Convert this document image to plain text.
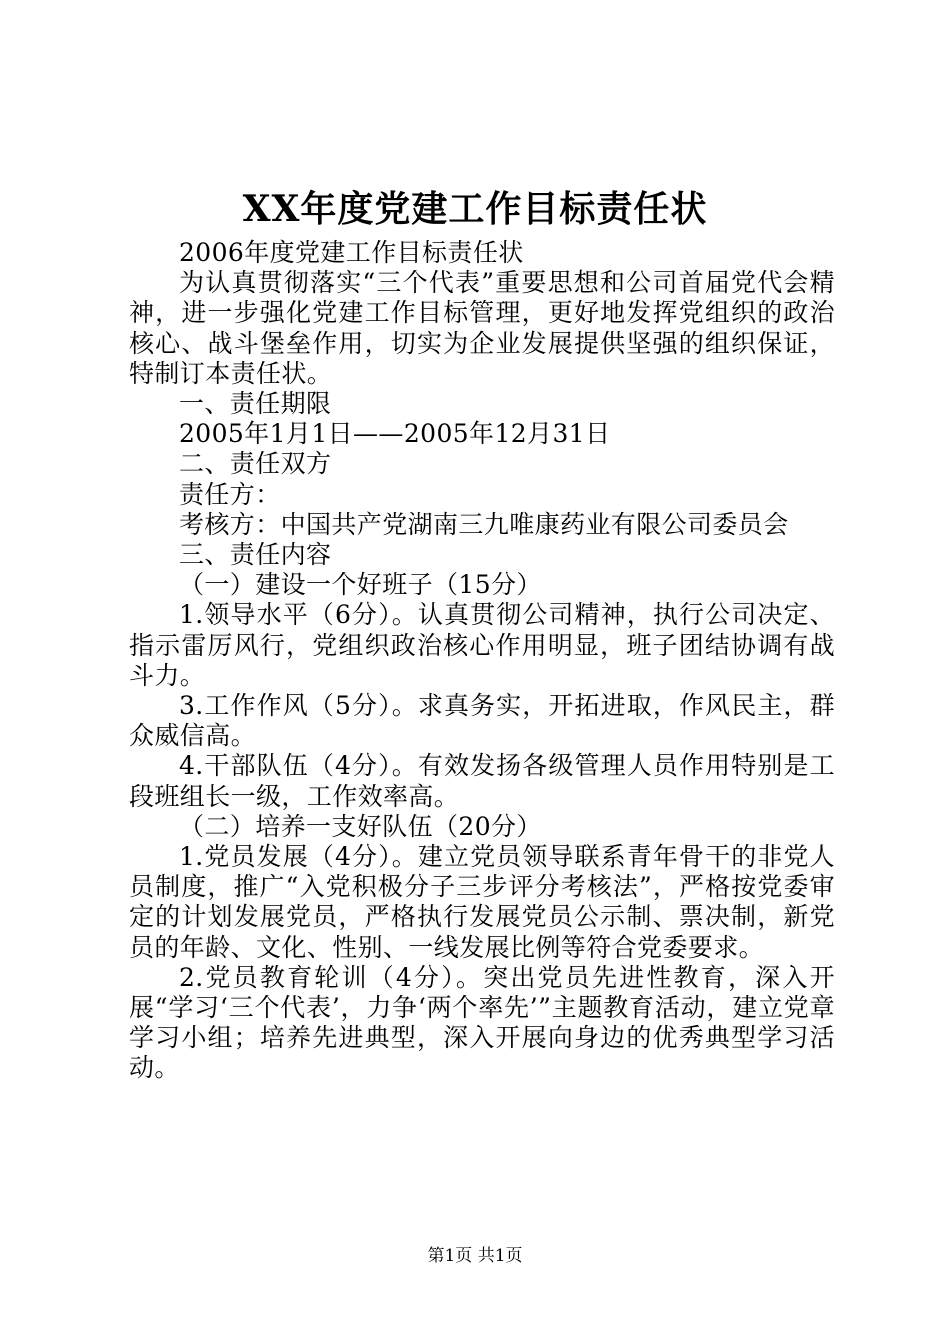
XX年度党建工作目标责任状

2006年度党建工作目标责任状

为认真贯彻落实“三个代表”重要思想和公司首届党代会精神，进一步强化党建工作目标管理，更好地发挥党组织的政治核心、战斗堡垒作用，切实为企业发展提供坚强的组织保证，特制订本责任状。

一、责任期限

2005年1月1日——2005年12月31日

二、责任双方

责任方：

考核方：中国共产党湖南三九唯康药业有限公司委员会

三、责任内容

（一）建设一个好班子（15分）

1.领导水平（6分）。认真贯彻公司精神，执行公司决定、指示雷厉风行，党组织政治核心作用明显，班子团结协调有战斗力。

3.工作作风（5分）。求真务实，开拓进取，作风民主，群众威信高。

4.干部队伍（4分）。有效发扬各级管理人员作用特别是工段班组长一级，工作效率高。

（二）培养一支好队伍（20分）

1.党员发展（4分）。建立党员领导联系青年骨干的非党人员制度，推广“入党积极分子三步评分考核法”，严格按党委审定的计划发展党员，严格执行发展党员公示制、票决制，新党员的年龄、文化、性别、一线发展比例等符合党委要求。

2.党员教育轮训（4分）。突出党员先进性教育，深入开展“学习‘三个代表’，力争‘两个率先’”主题教育活动，建立党章学习小组；培养先进典型，深入开展向身边的优秀典型学习活动。

第1页 共1页
